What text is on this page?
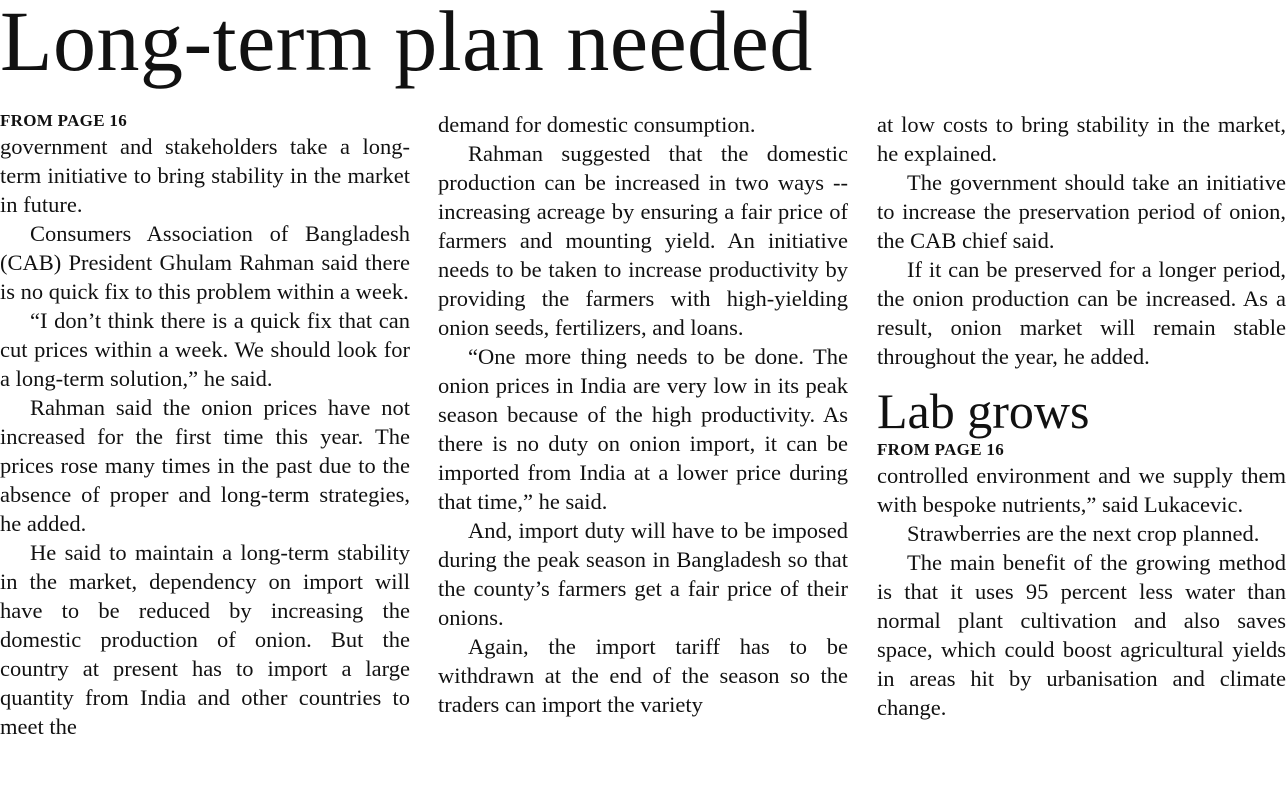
Long-term plan needed
FROM PAGE 16

government and stakeholders take a long-term initiative to bring stability in the market in future.

Consumers Association of Bangladesh (CAB) President Ghulam Rahman said there is no quick fix to this problem within a week.

“I don’t think there is a quick fix that can cut prices within a week. We should look for a long-term solution,” he said.

Rahman said the onion prices have not increased for the first time this year. The prices rose many times in the past due to the absence of proper and long-term strategies, he added.

He said to maintain a long-term stability in the market, dependency on import will have to be reduced by increasing the domestic production of onion. But the country at present has to import a large quantity from India and other countries to meet the

demand for domestic consumption.

Rahman suggested that the domestic production can be increased in two ways -- increasing acreage by ensuring a fair price of farmers and mounting yield. An initiative needs to be taken to increase productivity by providing the farmers with high-yielding onion seeds, fertilizers, and loans.

“One more thing needs to be done. The onion prices in India are very low in its peak season because of the high productivity. As there is no duty on onion import, it can be imported from India at a lower price during that time,” he said.

And, import duty will have to be imposed during the peak season in Bangladesh so that the county’s farmers get a fair price of their onions.

Again, the import tariff has to be withdrawn at the end of the season so the traders can import the variety

at low costs to bring stability in the market, he explained.

The government should take an initiative to increase the preservation period of onion, the CAB chief said.

If it can be preserved for a longer period, the onion production can be increased. As a result, onion market will remain stable throughout the year, he added.

Lab grows
FROM PAGE 16

controlled environment and we supply them with bespoke nutrients,” said Lukacevic.

Strawberries are the next crop planned.

The main benefit of the growing method is that it uses 95 percent less water than normal plant cultivation and also saves space, which could boost agricultural yields in areas hit by urbanisation and climate change.
